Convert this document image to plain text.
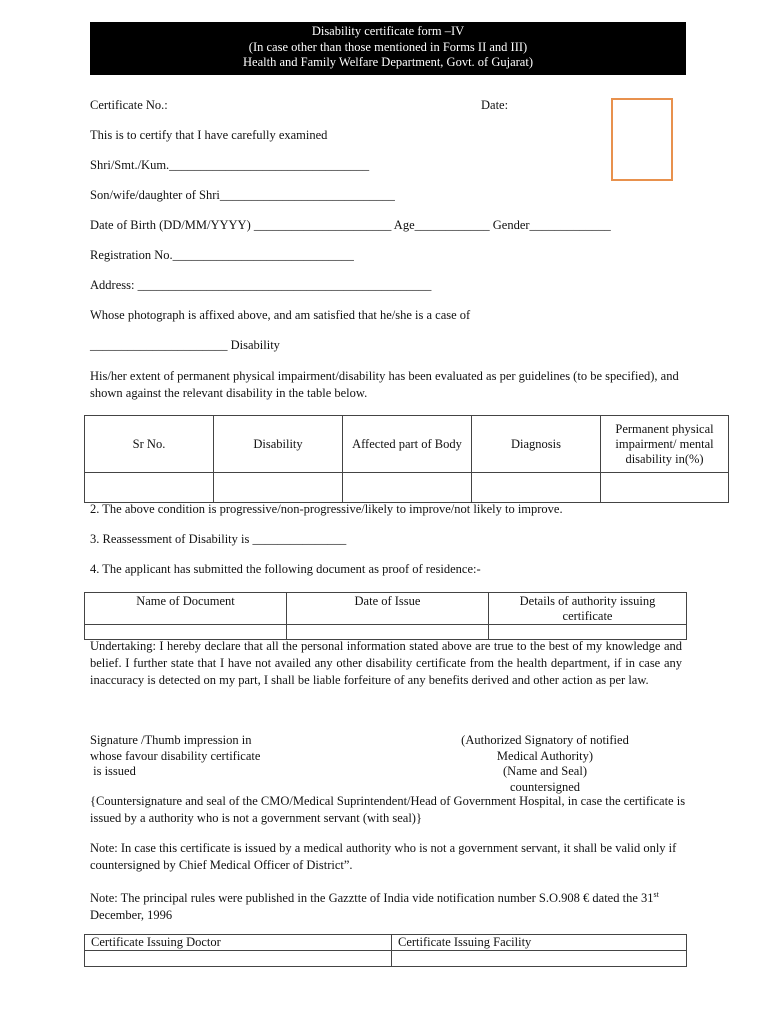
Disability certificate form –IV
(In case other than those mentioned in Forms II and III)
Health and Family Welfare Department, Govt. of Gujarat)
Certificate No.:	Date:
This is to certify that I have carefully examined
Shri/Smt./Kum.________________________________
Son/wife/daughter of Shri____________________________
Date of Birth (DD/MM/YYYY) ______________________ Age____________ Gender_____________
Registration No._____________________________
Address: _______________________________________________
Whose photograph is affixed above, and am satisfied that he/she is a case of
______________________ Disability
His/her extent of permanent physical impairment/disability has been evaluated as per guidelines (to be specified), and shown against the relevant disability in the table below.
Sr No.	Disability	Affected part of Body	Diagnosis	Permanent physical impairment/ mental disability in(%)

2. The above condition is progressive/non-progressive/likely to improve/not likely to improve.
3. Reassessment of Disability is _______________
4. The applicant has submitted the following document as proof of residence:-
Name of Document	Date of Issue	Details of authority issuing certificate

Undertaking: I hereby declare that all the personal information stated above are true to the best of my knowledge and belief. I further state that I have not availed any other disability certificate from the health department, if in case any inaccuracy is detected on my part, I shall be liable forfeiture of any benefits derived and other action as per law.
Signature /Thumb impression in
whose favour disability certificate
is issued
(Authorized Signatory of notified
Medical Authority)
(Name and Seal)
countersigned
{Countersignature and seal of the CMO/Medical Suprintendent/Head of Government Hospital, in case the certificate is issued by a authority who is not a government servant (with seal)}
Note: In case this certificate is issued by a medical authority who is not a government servant, it shall be valid only if countersigned by Chief Medical Officer of District”.
Note: The principal rules were published in the Gazztte of India vide notification number S.O.908 € dated the 31st
December, 1996
Certificate Issuing Doctor	Certificate Issuing Facility
